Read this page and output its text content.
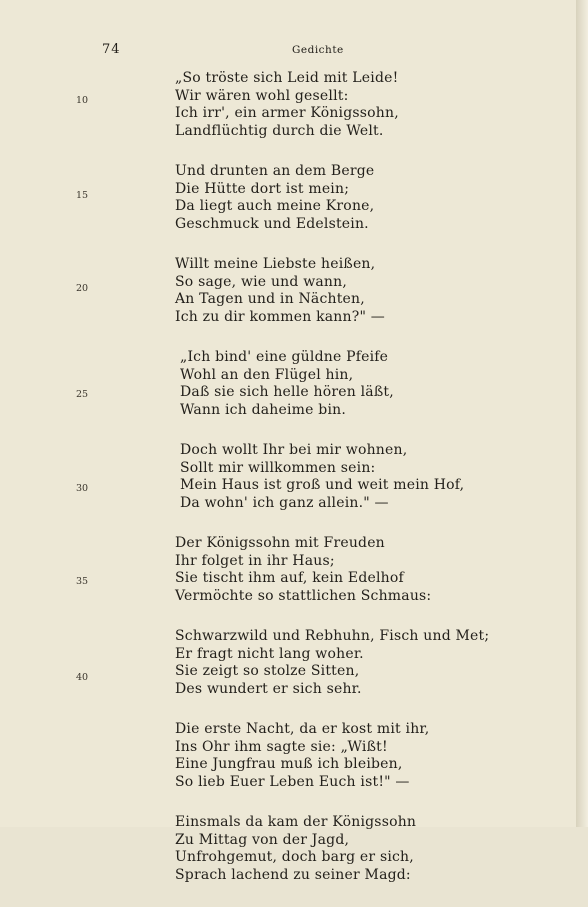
74	Gedichte
10
15
20
25
30
35
40
„So tröste sich Leid mit Leide!
Wir wären wohl gesellt:
Ich irr', ein armer Königssohn,
Landflüchtig durch die Welt.
Und drunten an dem Berge
Die Hütte dort ist mein;
Da liegt auch meine Krone,
Geschmuck und Edelstein.
Willt meine Liebste heißen,
So sage, wie und wann,
An Tagen und in Nächten,
Ich zu dir kommen kann?" —
„Ich bind' eine güldne Pfeife
Wohl an den Flügel hin,
Daß sie sich helle hören läßt,
Wann ich daheime bin.
Doch wollt Ihr bei mir wohnen,
Sollt mir willkommen sein:
Mein Haus ist groß und weit mein Hof,
Da wohn' ich ganz allein." —
Der Königssohn mit Freuden
Ihr folget in ihr Haus;
Sie tischt ihm auf, kein Edelhof
Vermöchte so stattlichen Schmaus:
Schwarzwild und Rebhuhn, Fisch und Met;
Er fragt nicht lang woher.
Sie zeigt so stolze Sitten,
Des wundert er sich sehr.
Die erste Nacht, da er kost mit ihr,
Ins Ohr ihm sagte sie: „Wißt!
Eine Jungfrau muß ich bleiben,
So lieb Euer Leben Euch ist!" —
Einsmals da kam der Königssohn
Zu Mittag von der Jagd,
Unfrohgemut, doch barg er sich,
Sprach lachend zu seiner Magd:
